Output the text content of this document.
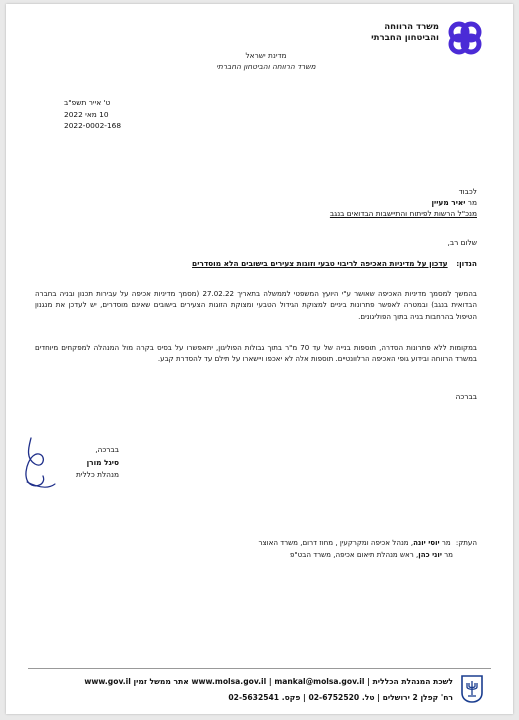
משרד הרווחה
והביטחון החברתי
מדינת ישראל
משרד הרווחה והביטחון החברתי
ט' אייר תשפ"ב
10 מאי 2022
2022-0002-168
לכבוד
מר יאיר מעיין
מנכ"ל הרשות לפיתוח והתיישבות הבדואים בנגב
שלום רב,
הנדון: עדכון על מדיניות האכיפה לריבוי טבעי וזוגות צעירים בישובים הלא מוסדרים
בהמשך למסמך מדיניות האכיפה שאושר ע"י היועץ המשפטי לממשלה בתאריך 27.02.22 (מסמך מדיניות אכיפה על עבירות תכנון ובניה בחברה הבדואית בנגב) ובמטרה לאפשר פתרונות ביניים למצוקת הגידול הטבעי ומצוקת הזוגות הצעירים בישובים שאינם מוסדרים, יש לעדכן את מנגנון הטיפול בהרחבות בניה בתוך הפוליגונים.
במקומות ללא פתרונות הסדרה, תוספות בנייה של עד 70 מ"ר בתוך גבולות הפוליגון, יתאפשרו על בסיס בקרה מול המנהלה למפקחים מיוחדים במשרד הרווחה ובידוע גופי האכיפה הרלוונטיים. תוספות אלה לא יאכפו ויישארו על תילם עד להסדרת קבע.
בברכה
בברכה,
סיגל מורן
מנהלת כללית
העתק: מר יוסי יונה, מנהל אכיפה ומקרקעין , מחוז דרום, משרד האוצר
מר יוני כהן, ראש מנהלת תיאום אכיפה, משרד הבט"פ
לשכת המנהלת הכללית | www.molsa.gov.il | mankal@molsa.gov.il אתר ממשל זמין www.gov.il
רח' קפלן 2 ירושלים | טל. 02-6752520 | פקס. 02-5632541
